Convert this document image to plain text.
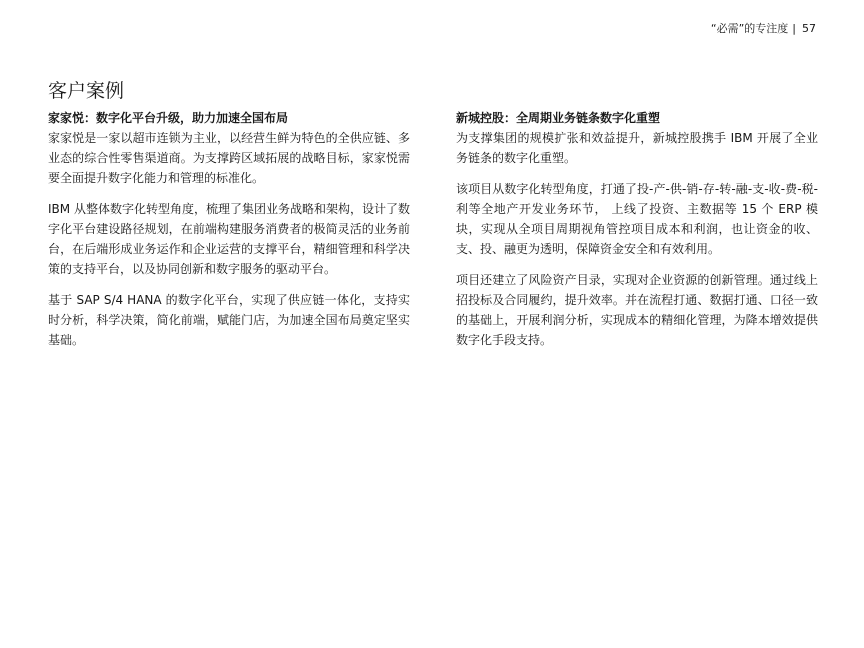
“必需”的专注度 | 57
客户案例
家家悦：数字化平台升级，助力加速全国布局

家家悦是一家以超市连锁为主业，以经营生鲜为特色的全供应链、多业态的综合性零售渠道商。为支撑跨区域拓展的战略目标，家家悦需要全面提升数字化能力和管理的标准化。

IBM 从整体数字化转型角度，梳理了集团业务战略和架构，设计了数字化平台建设路径规划，在前端构建服务消费者的极简灵活的业务前台，在后端形成业务运作和企业运营的支撑平台，精细管理和科学决策的支持平台，以及协同创新和数字服务的驱动平台。

基于 SAP S/4 HANA 的数字化平台，实现了供应链一体化，支持实时分析，科学决策，简化前端，赋能门店，为加速全国布局奠定坚实基础。

新城控股：全周期业务链条数字化重塑

为支撑集团的规模扩张和效益提升，新城控股携手 IBM 开展了全业务链条的数字化重塑。

该项目从数字化转型角度，打通了投-产-供-销-存-转-融-支-收-费-税-利等全地产开发业务环节， 上线了投资、主数据等 15 个 ERP 模块，实现从全项目周期视角管控项目成本和利润，也让资金的收、支、投、融更为透明，保障资金安全和有效利用。

项目还建立了风险资产目录，实现对企业资源的创新管理。通过线上招投标及合同履约，提升效率。并在流程打通、数据打通、口径一致的基础上，开展利润分析，实现成本的精细化管理，为降本增效提供数字化手段支持。
